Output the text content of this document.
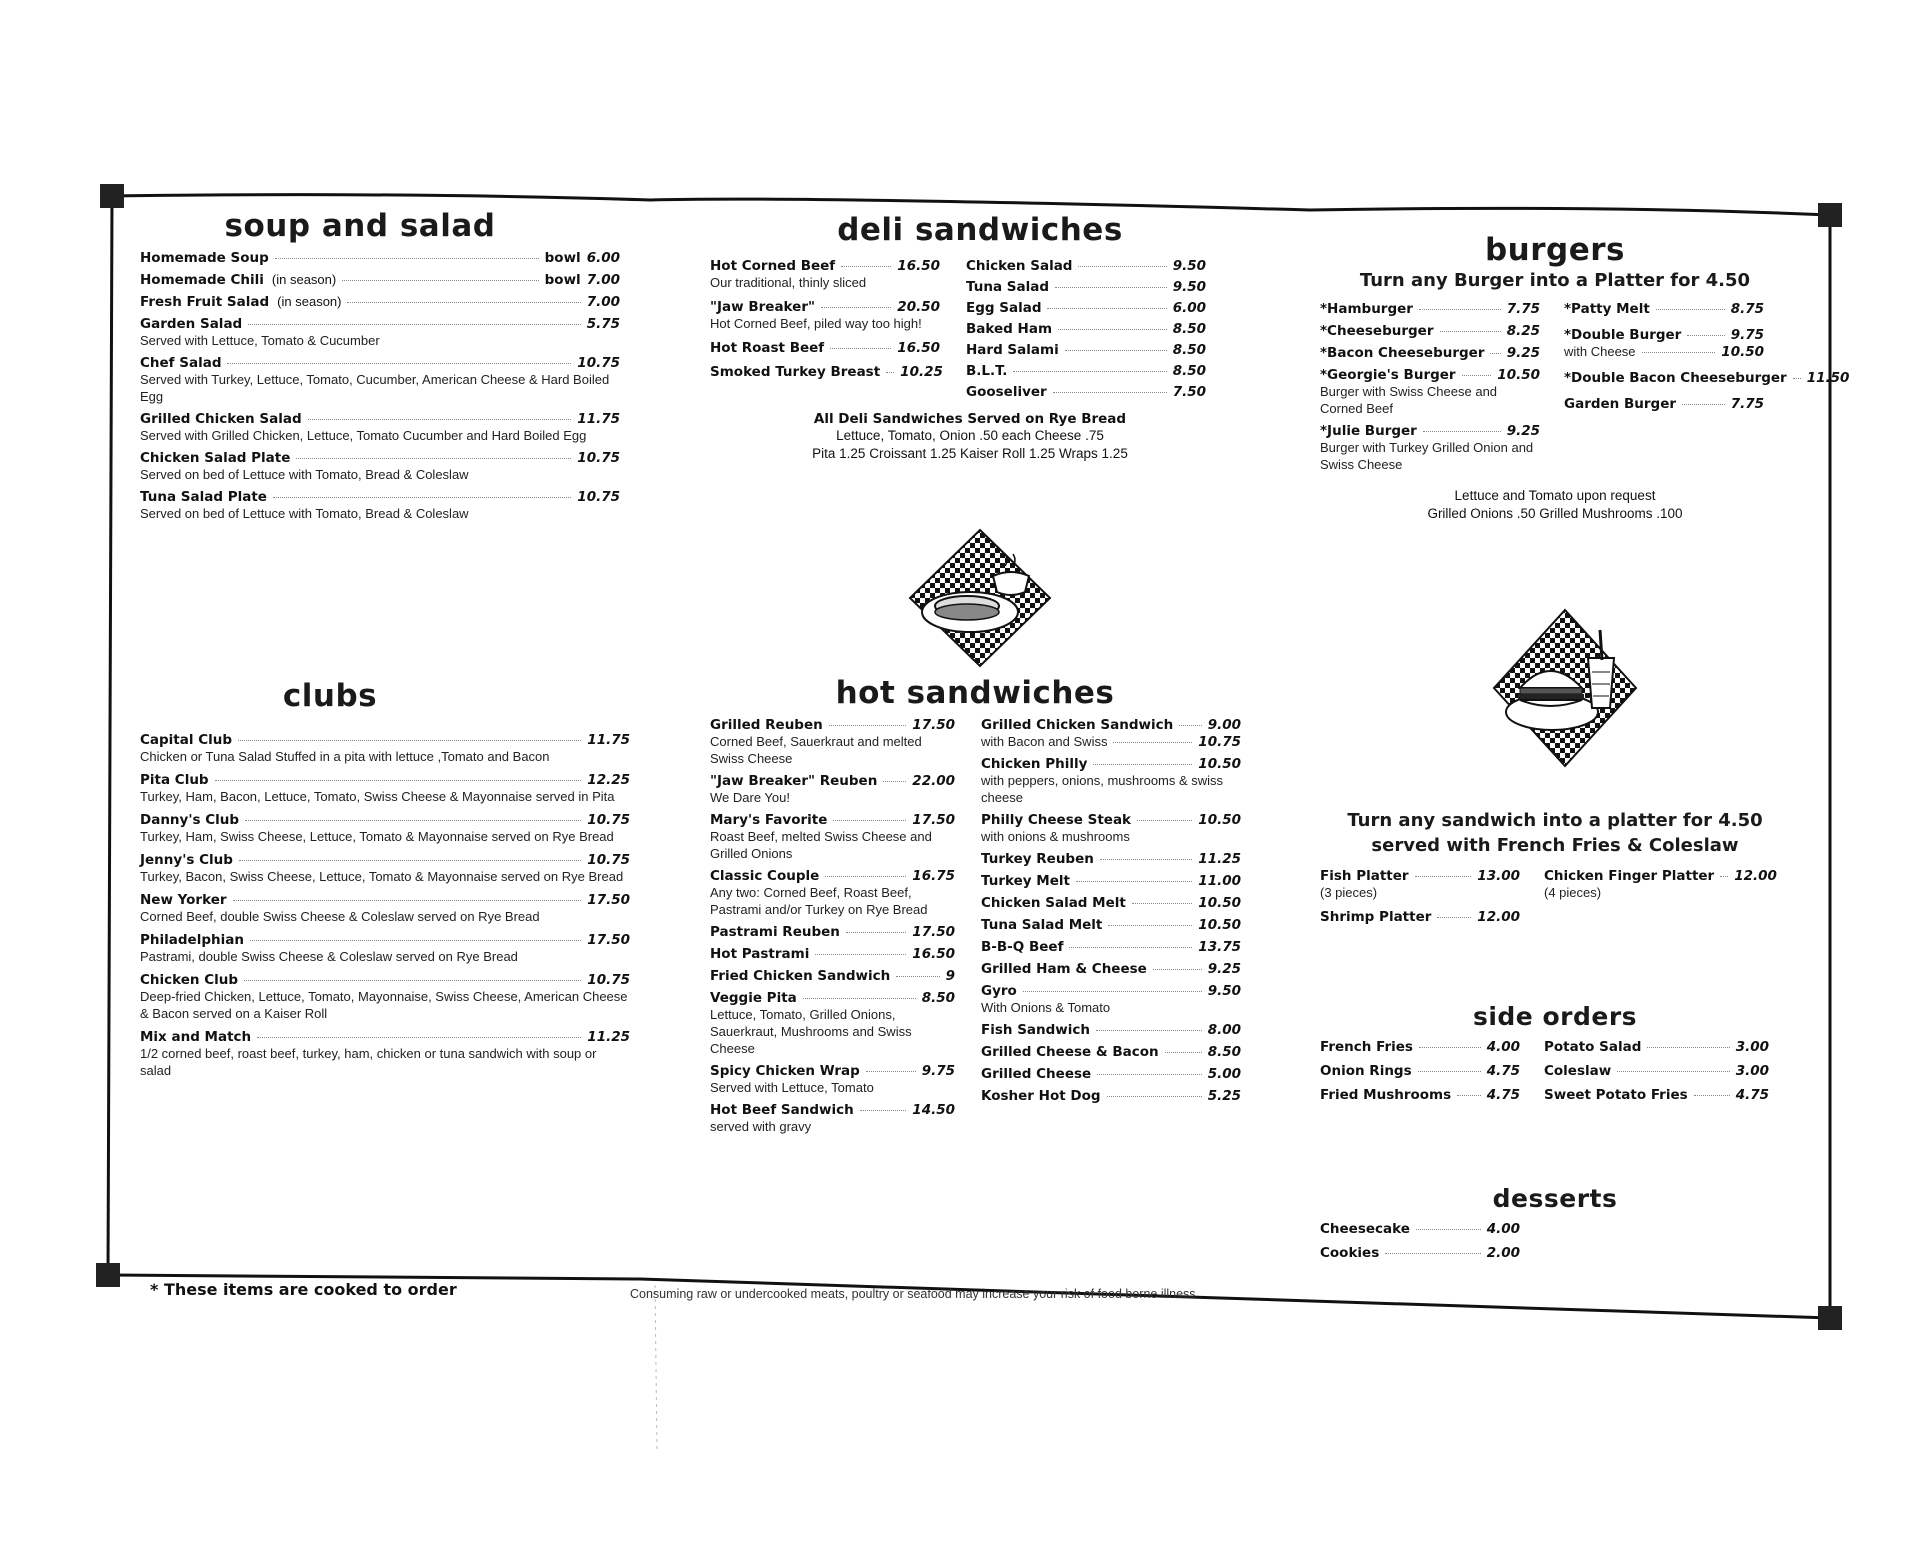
soup and salad
Homemade Soup	bowl 6.00
Homemade Chili (in season)	bowl 7.00
Fresh Fruit Salad (in season)	7.00
Garden Salad	5.75
Served with Lettuce, Tomato & Cucumber
Chef Salad	10.75
Served with Turkey, Lettuce, Tomato, Cucumber, American Cheese & Hard Boiled Egg
Grilled Chicken Salad	11.75
Served with Grilled Chicken, Lettuce, Tomato Cucumber and Hard Boiled Egg
Chicken Salad Plate	10.75
Served on bed of Lettuce with Tomato, Bread & Coleslaw
Tuna Salad Plate	10.75
Served on bed of Lettuce with Tomato, Bread & Coleslaw
clubs
Capital Club	11.75
Chicken or Tuna Salad Stuffed in a pita with lettuce ,Tomato and Bacon
Pita Club	12.25
Turkey, Ham, Bacon, Lettuce, Tomato, Swiss Cheese & Mayonnaise served in Pita
Danny's Club	10.75
Turkey, Ham, Swiss Cheese, Lettuce, Tomato & Mayonnaise served on Rye Bread
Jenny's Club	10.75
Turkey, Bacon, Swiss Cheese, Lettuce, Tomato & Mayonnaise served on Rye Bread
New Yorker	17.50
Corned Beef, double Swiss Cheese & Coleslaw served on Rye Bread
Philadelphian	17.50
Pastrami, double Swiss Cheese & Coleslaw served on Rye Bread
Chicken Club	10.75
Deep-fried Chicken, Lettuce, Tomato, Mayonnaise, Swiss Cheese, American Cheese & Bacon served on a Kaiser Roll
Mix and Match	11.25
1/2 corned beef, roast beef, turkey, ham, chicken or tuna sandwich with soup or salad
deli sandwiches
Hot Corned Beef	16.50
Our traditional, thinly sliced
"Jaw Breaker"	20.50
Hot Corned Beef, piled way too high!
Hot Roast Beef	16.50
Smoked Turkey Breast 10.25
Chicken Salad	9.50
Tuna Salad	9.50
Egg Salad	6.00
Baked Ham	8.50
Hard Salami	8.50
B.L.T.	8.50
Gooseliver	7.50
All Deli Sandwiches Served on Rye Bread
Lettuce, Tomato, Onion .50 each Cheese .75
Pita 1.25 Croissant 1.25 Kaiser Roll 1.25 Wraps 1.25
hot sandwiches
Grilled Reuben	17.50
Corned Beef, Sauerkraut and melted Swiss Cheese
"Jaw Breaker" Reuben	22.00
We Dare You!
Mary's Favorite	17.50
Roast Beef, melted Swiss Cheese and Grilled Onions
Classic Couple	16.75
Any two: Corned Beef, Roast Beef, Pastrami and/or Turkey on Rye Bread
Pastrami Reuben	17.50
Hot Pastrami	16.50
Fried Chicken Sandwich	9
Veggie Pita	8.50
Lettuce, Tomato, Grilled Onions, Sauerkraut, Mushrooms and Swiss Cheese
Spicy Chicken Wrap	9.75
Served with Lettuce, Tomato
Hot Beef Sandwich	14.50
served with gravy
Grilled Chicken Sandwich	9.00
with Bacon and Swiss	10.75
Chicken Philly	10.50
with peppers, onions, mushrooms & swiss cheese
Philly Cheese Steak	10.50
with onions & mushrooms
Turkey Reuben	11.25
Turkey Melt	11.00
Chicken Salad Melt	10.50
Tuna Salad Melt	10.50
B-B-Q Beef	13.75
Grilled Ham & Cheese	9.25
Gyro	9.50
With Onions & Tomato
Fish Sandwich	8.00
Grilled Cheese & Bacon	8.50
Grilled Cheese	5.00
Kosher Hot Dog	5.25
burgers
Turn any Burger into a Platter for 4.50
*Hamburger	7.75
*Cheeseburger	8.25
*Bacon Cheeseburger 9.25
*Georgie's Burger	10.50
Burger with Swiss Cheese and Corned Beef
*Julie Burger	9.25
Burger with Turkey Grilled Onion and Swiss Cheese
*Patty Melt	8.75
*Double Burger	9.75
with Cheese	10.50
*Double Bacon Cheeseburger 11.50
Garden Burger	7.75
Lettuce and Tomato upon request
Grilled Onions .50 Grilled Mushrooms .100
Turn any sandwich into a platter for 4.50
served with French Fries & Coleslaw
Fish Platter	13.00
(3 pieces)
Shrimp Platter	12.00
Chicken Finger Platter 12.00
(4 pieces)
side orders
French Fries	4.00
Onion Rings	4.75
Fried Mushrooms	4.75
Potato Salad	3.00
Coleslaw	3.00
Sweet Potato Fries	4.75
desserts
Cheesecake	4.00
Cookies	2.00
* These items are cooked to order	Consuming raw or undercooked meats, poultry or seafood may increase your risk of food borne illness
